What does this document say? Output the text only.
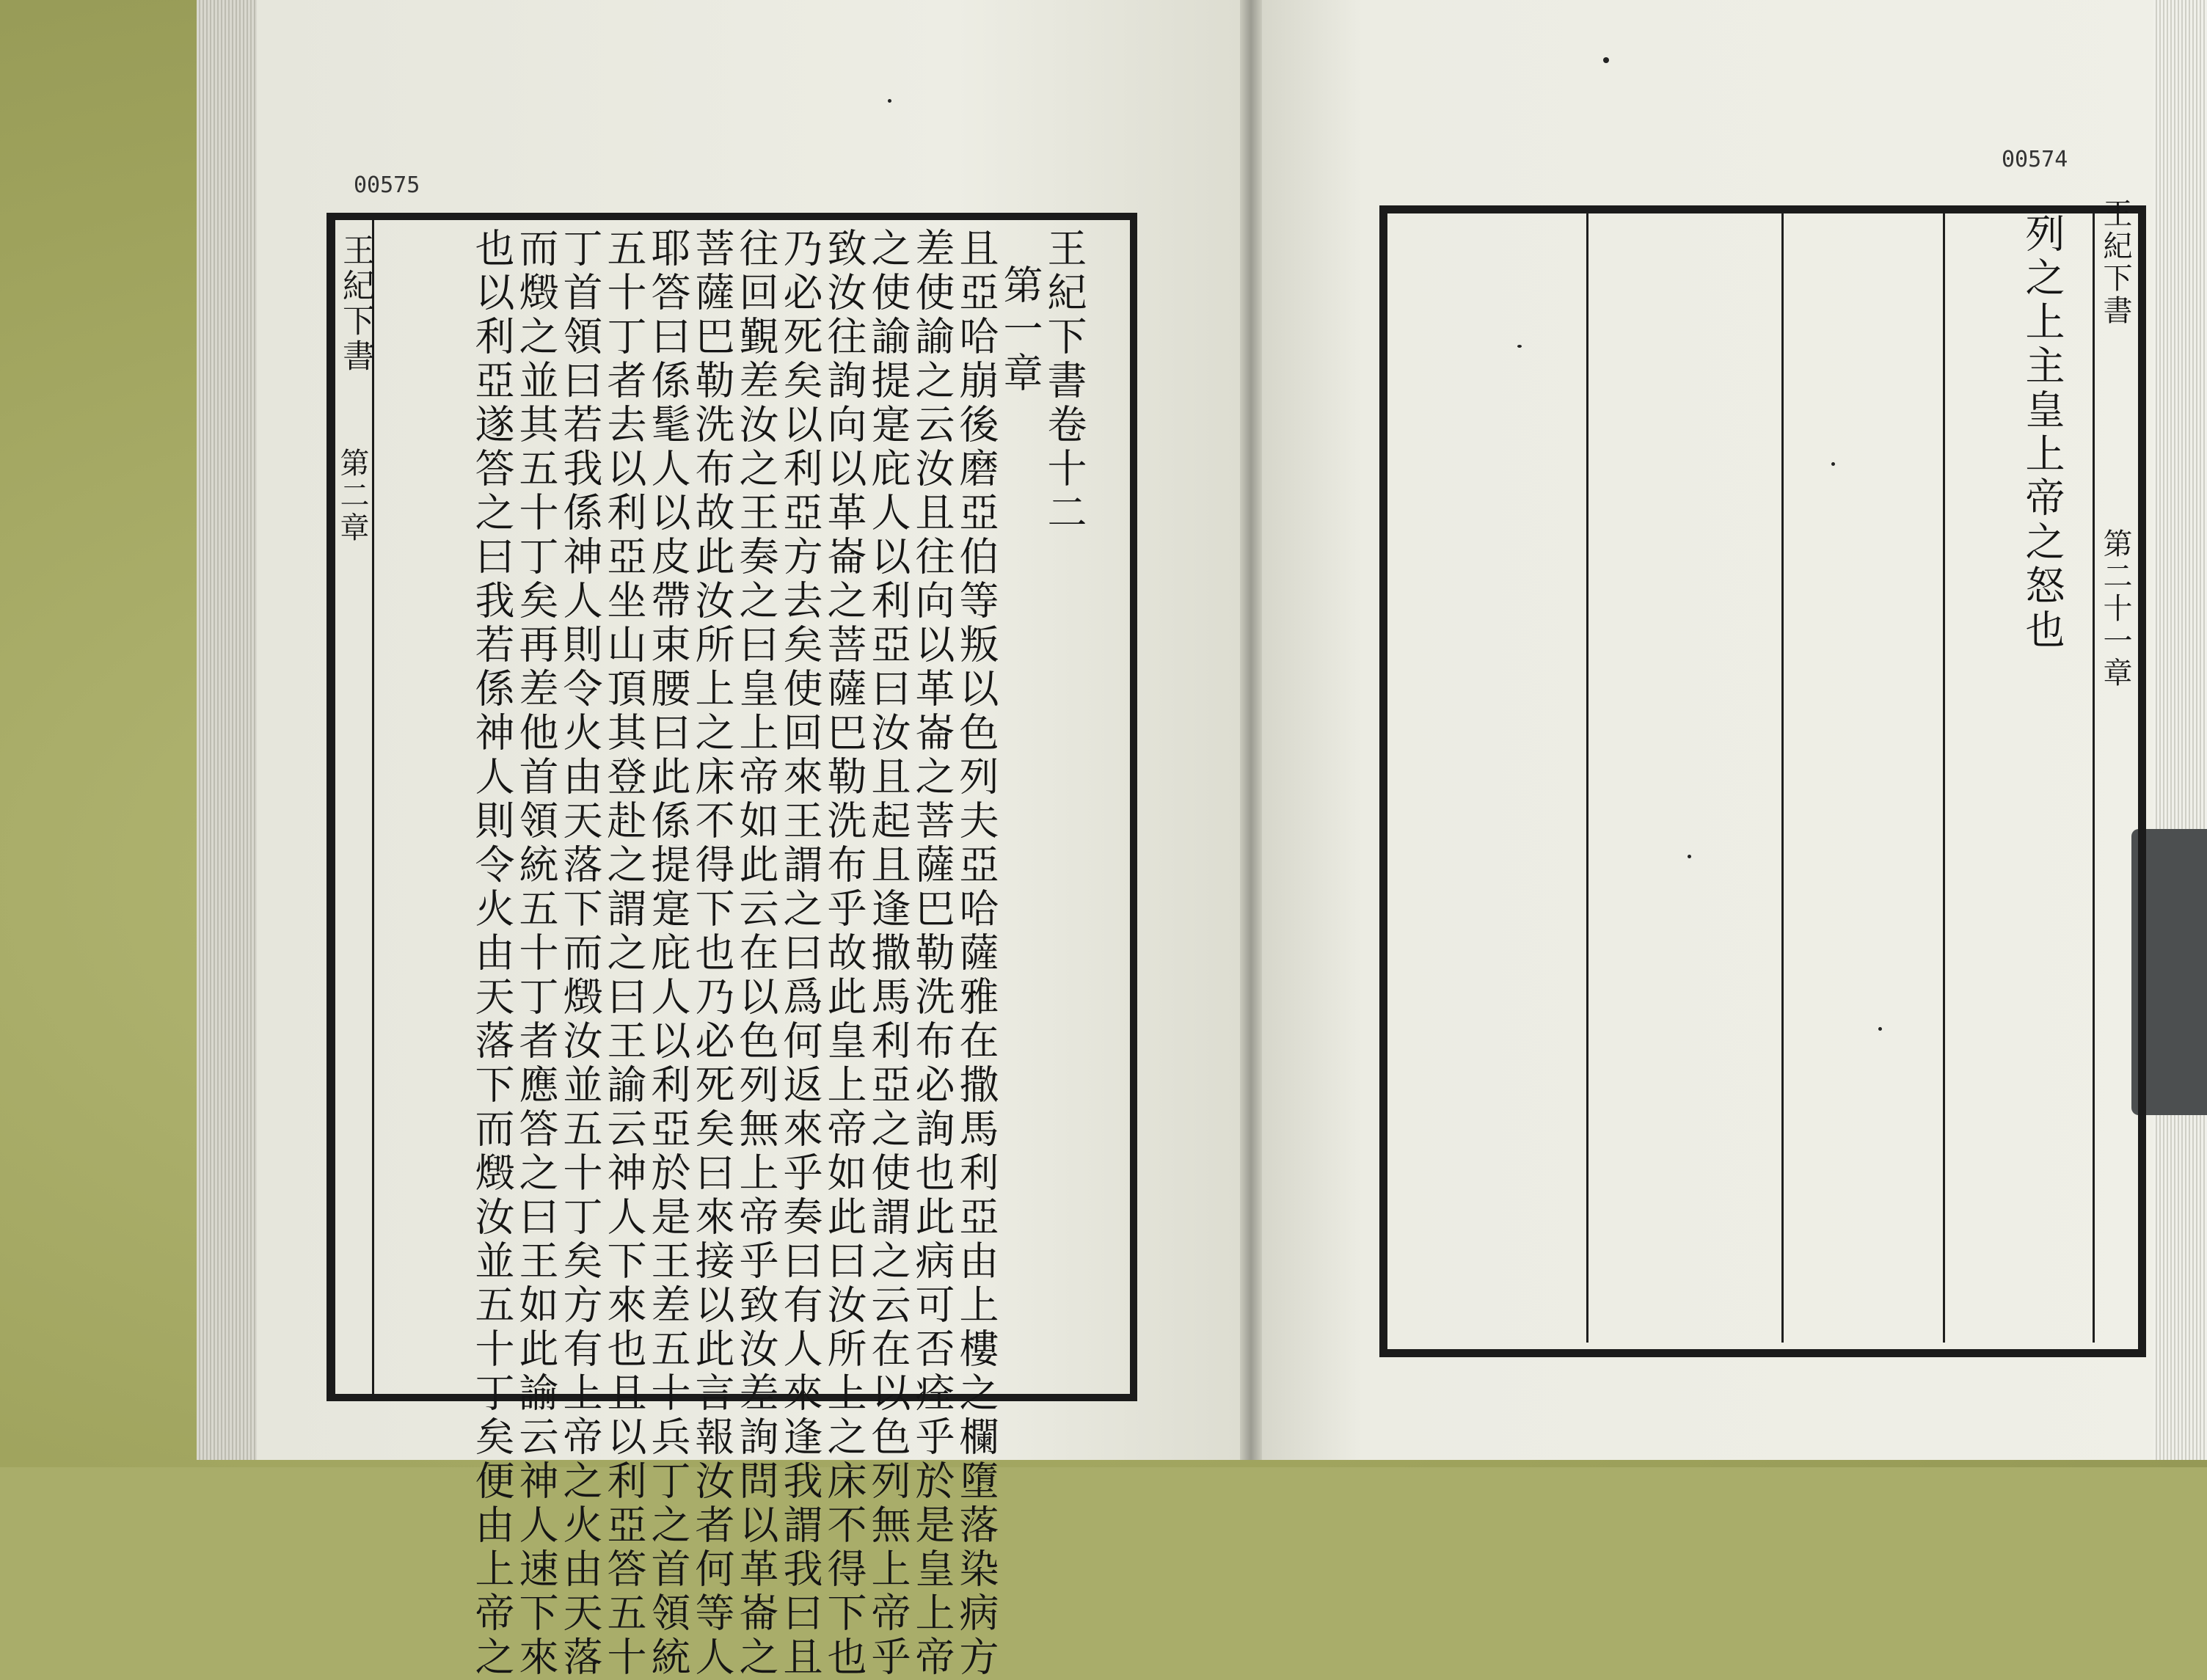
00575
王紀下書
第二章	王紀下書卷十二
第一章
且亞哈崩後磨亞伯等叛以色列夫亞哈薩雅在撒馬利亞由上樓之欄墮落染病方
差使諭之云汝且往向以革崙之菩薩巴勒洗布必詢也此病可否痊乎於是皇上帝
之使諭提寔庇人以利亞曰汝且起且逢撒馬利亞之使謂之云在以色列無上帝乎
致汝往詢向以革崙之菩薩巴勒洗布乎故此皇上帝如此曰汝所上之床不得下也
乃必死矣以利亞方去矣使回來王謂之曰爲何返來乎奏曰有人來逢我謂我曰且
往回覲差汝之王奏之曰皇上帝如此云在以色列無上帝乎致汝差詢問以革崙之
菩薩巴勒洗布故此汝所上之床不得下也乃必死矣曰來接以此言報汝者何等人
耶答曰係髦人以皮帶束腰曰此係提寔庇人以利亞於是王差五十兵丁之首領統
五十丁者去以利亞坐山頂其登赴之謂之曰王諭云神人下來也且以利亞答五十
丁首領曰若我係神人則令火由天落下而燬汝並五十丁矣方有上帝之火由天落
而燬之並其五十丁矣再差他首領統五十丁者應答之曰王如此諭云神人速下來
也以利亞遂答之曰我若係神人則令火由天落下而燬汝並五十丁矣便由上帝之
00574
列之上主皇上帝之怒也 王紀下書
第二十一章
